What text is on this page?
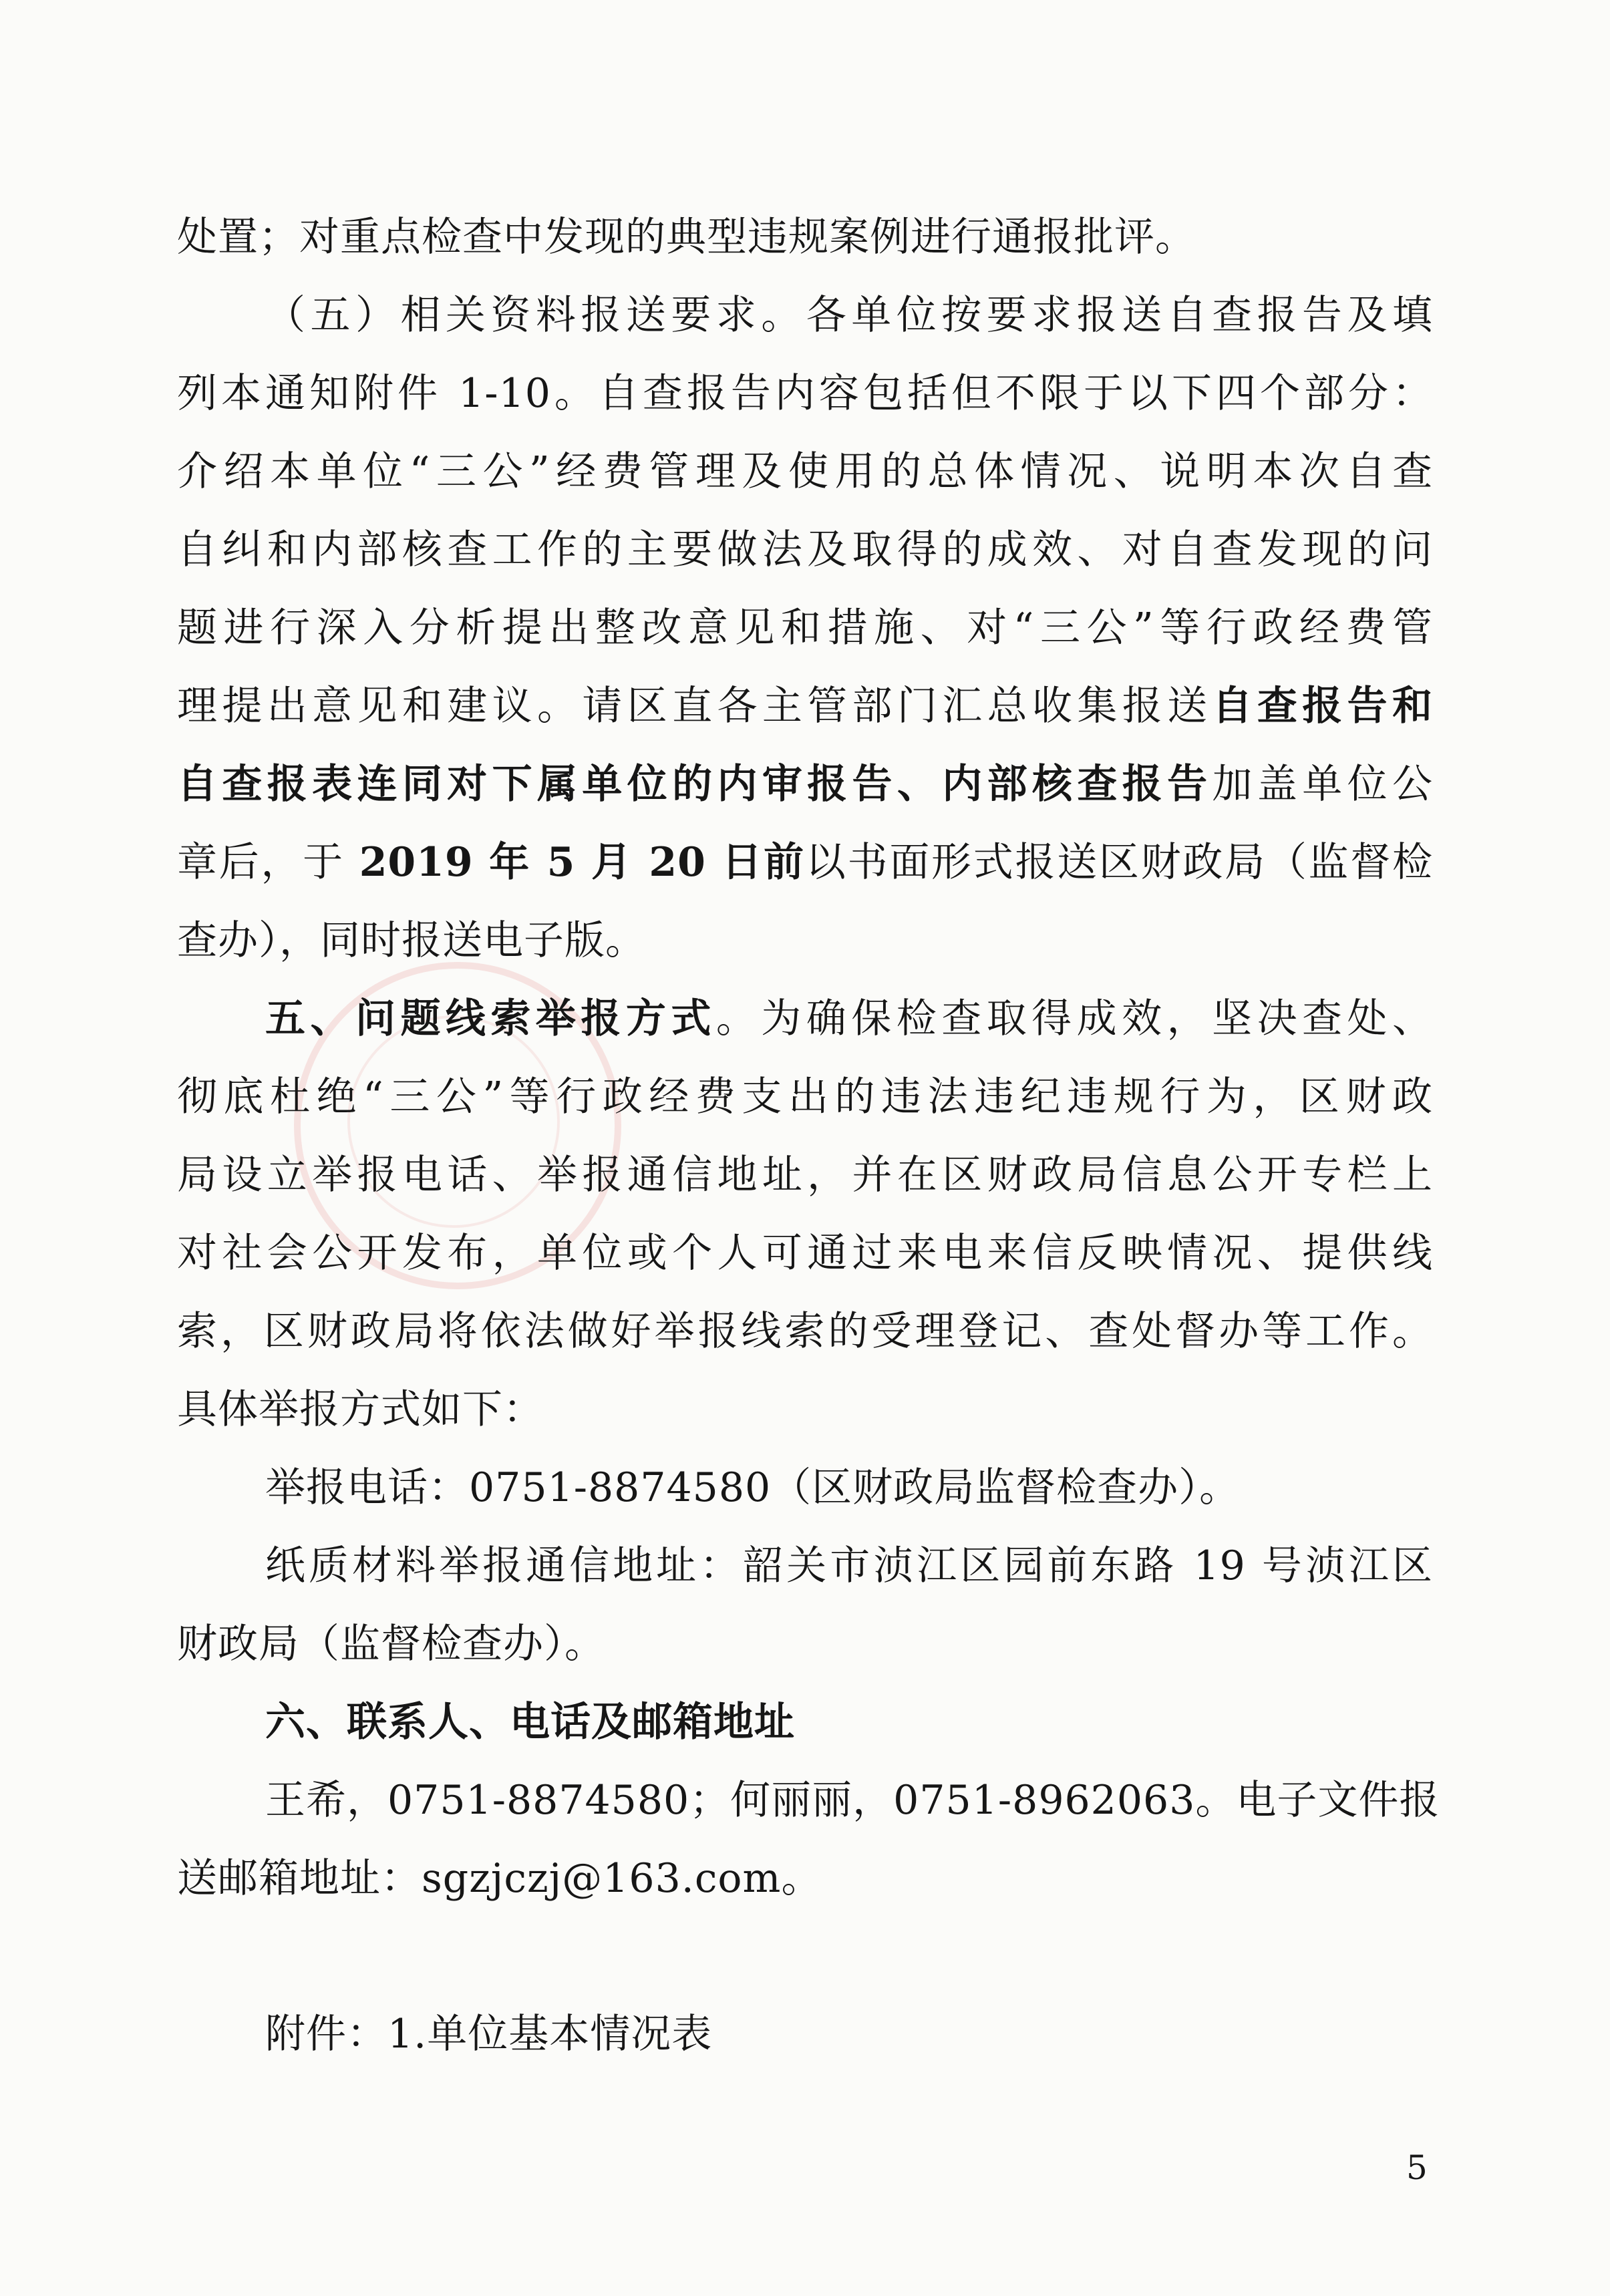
处置；对重点检查中发现的典型违规案例进行通报批评。
（五）相关资料报送要求。各单位按要求报送自查报告及填
列本通知附件 1-10。自查报告内容包括但不限于以下四个部分：
介绍本单位“三公”经费管理及使用的总体情况、说明本次自查
自纠和内部核查工作的主要做法及取得的成效、对自查发现的问
题进行深入分析提出整改意见和措施、对“三公”等行政经费管
理提出意见和建议。请区直各主管部门汇总收集报送自查报告和
自查报表连同对下属单位的内审报告、内部核查报告加盖单位公
章后，于 2019 年 5 月 20 日前以书面形式报送区财政局（监督检
查办），同时报送电子版。
五、问题线索举报方式。为确保检查取得成效，坚决查处、
彻底杜绝“三公”等行政经费支出的违法违纪违规行为，区财政
局设立举报电话、举报通信地址，并在区财政局信息公开专栏上
对社会公开发布，单位或个人可通过来电来信反映情况、提供线
索，区财政局将依法做好举报线索的受理登记、查处督办等工作。
具体举报方式如下：
举报电话：0751-8874580（区财政局监督检查办）。
纸质材料举报通信地址：韶关市浈江区园前东路 19 号浈江区
财政局（监督检查办）。
六、联系人、电话及邮箱地址
王希，0751-8874580；何丽丽，0751-8962063。电子文件报
送邮箱地址：sgzjczj@163.com。
附件：1.单位基本情况表
5
